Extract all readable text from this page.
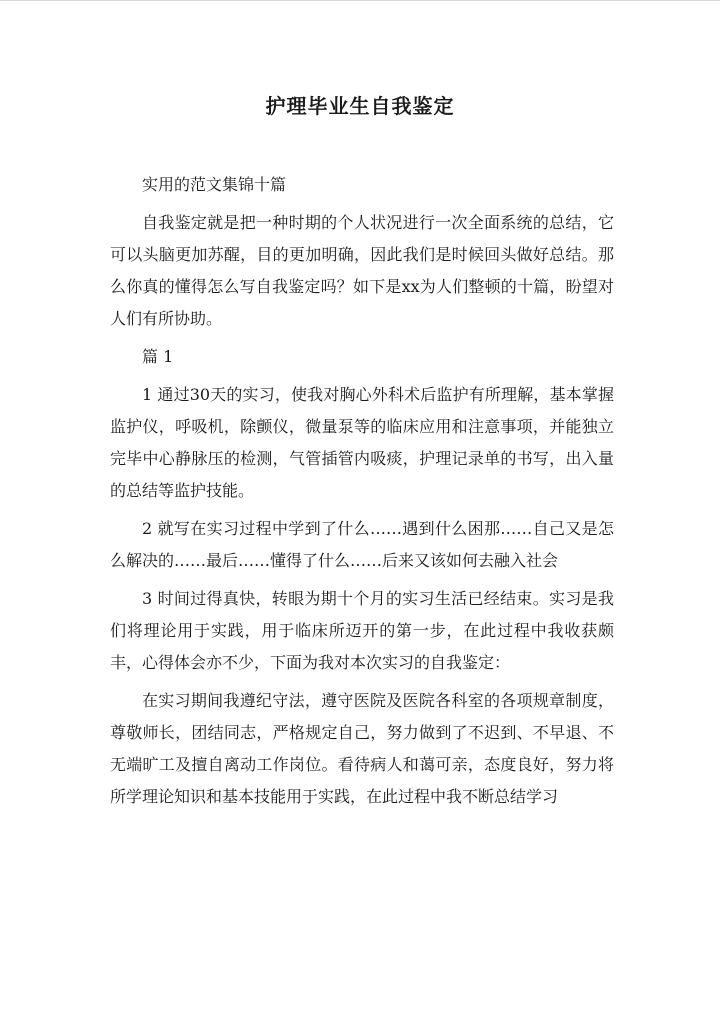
护理毕业生自我鉴定

实用的范文集锦十篇

自我鉴定就是把一种时期的个人状况进行一次全面系统的总结，它可以头脑更加苏醒，目的更加明确，因此我们是时候回头做好总结。那么你真的懂得怎么写自我鉴定吗？如下是xx为人们整顿的十篇，盼望对人们有所协助。

篇 1

1 通过30天的实习，使我对胸心外科术后监护有所理解，基本掌握监护仪，呼吸机，除颤仪，微量泵等的临床应用和注意事项，并能独立完毕中心静脉压的检测，气管插管内吸痰，护理记录单的书写，出入量的总结等监护技能。

2 就写在实习过程中学到了什么……遇到什么困那……自己又是怎么解决的……最后……懂得了什么……后来又该如何去融入社会

3 时间过得真快，转眼为期十个月的实习生活已经结束。实习是我们将理论用于实践，用于临床所迈开的第一步，在此过程中我收获颇丰，心得体会亦不少，下面为我对本次实习的自我鉴定：

在实习期间我遵纪守法，遵守医院及医院各科室的各项规章制度，尊敬师长，团结同志，严格规定自己，努力做到了不迟到、不早退、不无端旷工及擅自离动工作岗位。看待病人和蔼可亲，态度良好，努力将所学理论知识和基本技能用于实践，在此过程中我不断总结学习
